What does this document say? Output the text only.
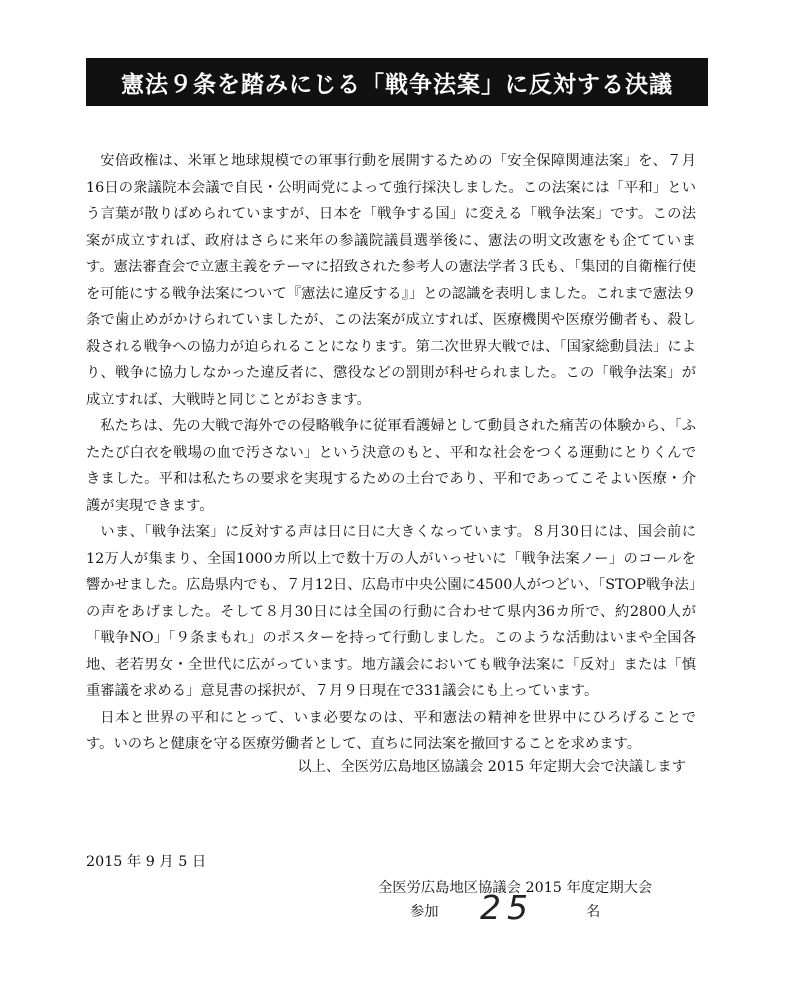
憲法９条を踏みにじる「戦争法案」に反対する決議

安倍政権は、米軍と地球規模での軍事行動を展開するための「安全保障関連法案」を、７月16日の衆議院本会議で自民・公明両党によって強行採決しました。この法案には「平和」という言葉が散りばめられていますが、日本を「戦争する国」に変える「戦争法案」です。この法案が成立すれば、政府はさらに来年の参議院議員選挙後に、憲法の明文改憲をも企てています。憲法審査会で立憲主義をテーマに招致された参考人の憲法学者３氏も、「集団的自衛権行使を可能にする戦争法案について『憲法に違反する』」との認識を表明しました。これまで憲法９条で歯止めがかけられていましたが、この法案が成立すれば、医療機関や医療労働者も、殺し殺される戦争への協力が迫られることになります。第二次世界大戦では、「国家総動員法」により、戦争に協力しなかった違反者に、懲役などの罰則が科せられました。この「戦争法案」が成立すれば、大戦時と同じことがおきます。

私たちは、先の大戦で海外での侵略戦争に従軍看護婦として動員された痛苦の体験から、「ふたたび白衣を戦場の血で汚さない」という決意のもと、平和な社会をつくる運動にとりくんできました。平和は私たちの要求を実現するための土台であり、平和であってこそよい医療・介護が実現できます。

いま、「戦争法案」に反対する声は日に日に大きくなっています。８月30日には、国会前に12万人が集まり、全国1000カ所以上で数十万の人がいっせいに「戦争法案ノー」のコールを響かせました。広島県内でも、７月12日、広島市中央公園に4500人がつどい、「STOP戦争法」の声をあげました。そして８月30日には全国の行動に合わせて県内36カ所で、約2800人が「戦争NO」「９条まもれ」のポスターを持って行動しました。このような活動はいまや全国各地、老若男女・全世代に広がっています。地方議会においても戦争法案に「反対」または「慎重審議を求める」意見書の採択が、７月９日現在で331議会にも上っています。

日本と世界の平和にとって、いま必要なのは、平和憲法の精神を世界中にひろげることです。いのちと健康を守る医療労働者として、直ちに同法案を撤回することを求めます。

以上、全医労広島地区協議会 2015 年定期大会で決議します
2015 年 9 月 5 日
全医労広島地区協議会 2015 年度定期大会
参加 25	名
